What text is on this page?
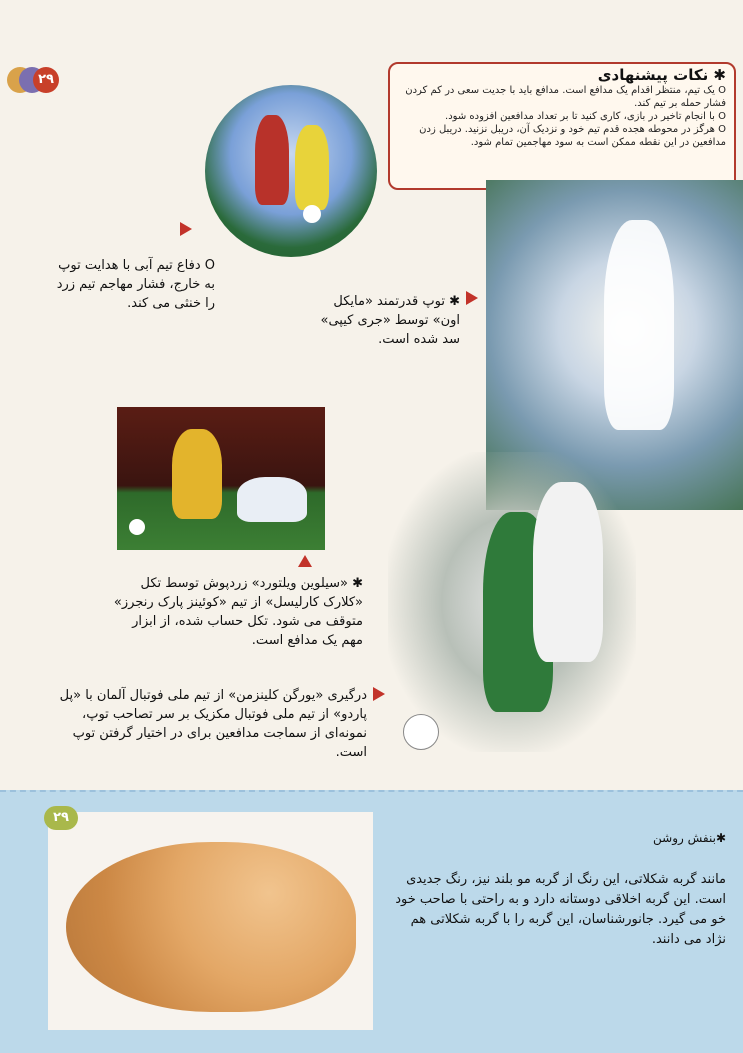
۲۹	✱ نکات پیشنهادی

O یک تیم، منتظر اقدام یک مدافع است. مدافع باید با جدیت سعی در کم کردن فشار حمله بر تیم کند.

O با انجام تاخیر در بازی، کاری کنید تا بر تعداد مدافعین افزوده شود.

O هرگز در محوطه هجده قدم تیم خود و نزدیک آن، دریبل نزنید. دریبل زدن مدافعین در این نقطه ممکن است به سود مهاجمین تمام شود.

O دفاع تیم آبی با هدایت توپ به خارج، فشار مهاجم تیم زرد را خنثی می کند.	✱ توپ قدرتمند «مایکل اون» توسط «جری کیپی» سد شده است.
✱ «سیلوین ویلتورد» زردپوش توسط تکل «کلارک کارلیسل» از تیم «کوئینز پارک رنجرز» متوقف می شود. تکل حساب شده، از ابزار مهم یک مدافع است.
درگیری «یورگن کلینزمن» از تیم ملی فوتبال آلمان با «پل پاردو» از تیم ملی فوتبال مکزیک بر سر تصاحب توپ، نمونه‌ای از سماجت مدافعین برای در اختیار گرفتن توپ است.
۲۹
✱بنفش روشن
مانند گربه شکلاتی، این رنگ از گربه مو بلند نیز، رنگ جدیدی است. این گربه اخلاقی دوستانه دارد و به راحتی با صاحب خود خو می گیرد. جانورشناسان، این گربه را با گربه شکلاتی هم نژاد می دانند.
